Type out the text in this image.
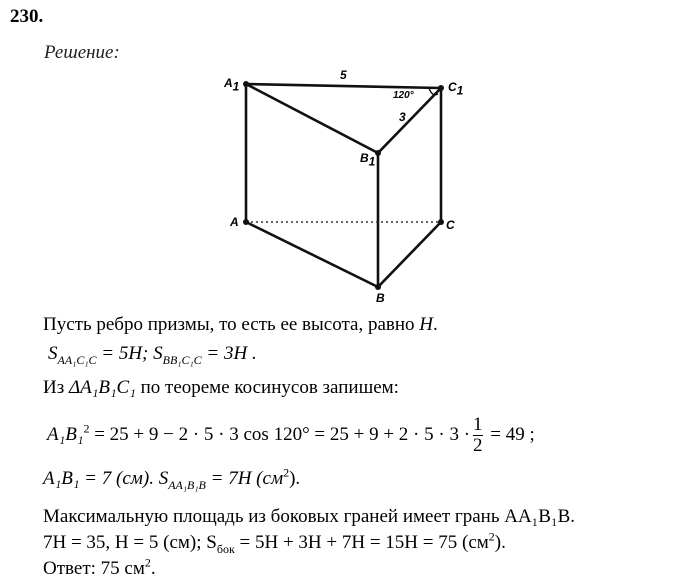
230.
Решение:
$A_1$	$C_1$
$B_1$
A	C
B
5
3
120°
Пусть ребро призмы, то есть ее высота, равно H.
$S_{AA_1C_1C} = 5H$; $S_{BB_1C_1C} = 3H$ .
Из ΔA₁B₁C₁ по теореме косинусов запишем:
A₁B₁$^2$ = 25 + 9 − 2 · 5 · 3 $\cos 120^\circ = 25 + 9 + 2 \cdot 5 \cdot 3 \cdot \frac{1}{2} = 49$ ;
A₁B₁ = 7 (см). $S_{AA_1B_1B} = 7H$ $(см^2)$.
Максимальную площадь из боковых граней имеет грань AA₁B₁B.
7H = 35, H = 5 (см); $S_{бок} = 5H + 3H + 7H = 15H = 75$ $(см^2)$.
Ответ: 75 $см^2$.
